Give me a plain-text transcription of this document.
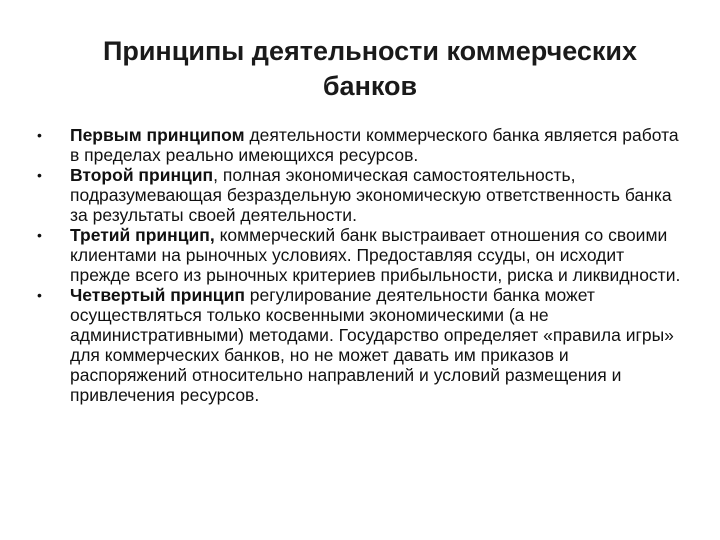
Принципы деятельности коммерческих
банков
•	Первым принципом деятельности коммерческого банка является работа в пределах реально имеющихся ресурсов.
•	Второй принцип, полная экономическая самостоятельность, подразумевающая безраздельную экономическую ответственность банка за результаты своей деятельности.
•	Третий принцип, коммерческий банк выстраивает отношения со своими клиентами на рыночных условиях. Предоставляя ссуды, он исходит прежде всего из рыночных критериев прибыльности, риска и ликвидности.
•	Четвертый принцип регулирование деятельности банка может осуществляться только косвенными экономическими (а не административными) методами. Государство определяет «правила игры» для коммерческих банков, но не может давать им приказов и распоряжений относительно направлений и условий размещения и привлечения ресурсов.
